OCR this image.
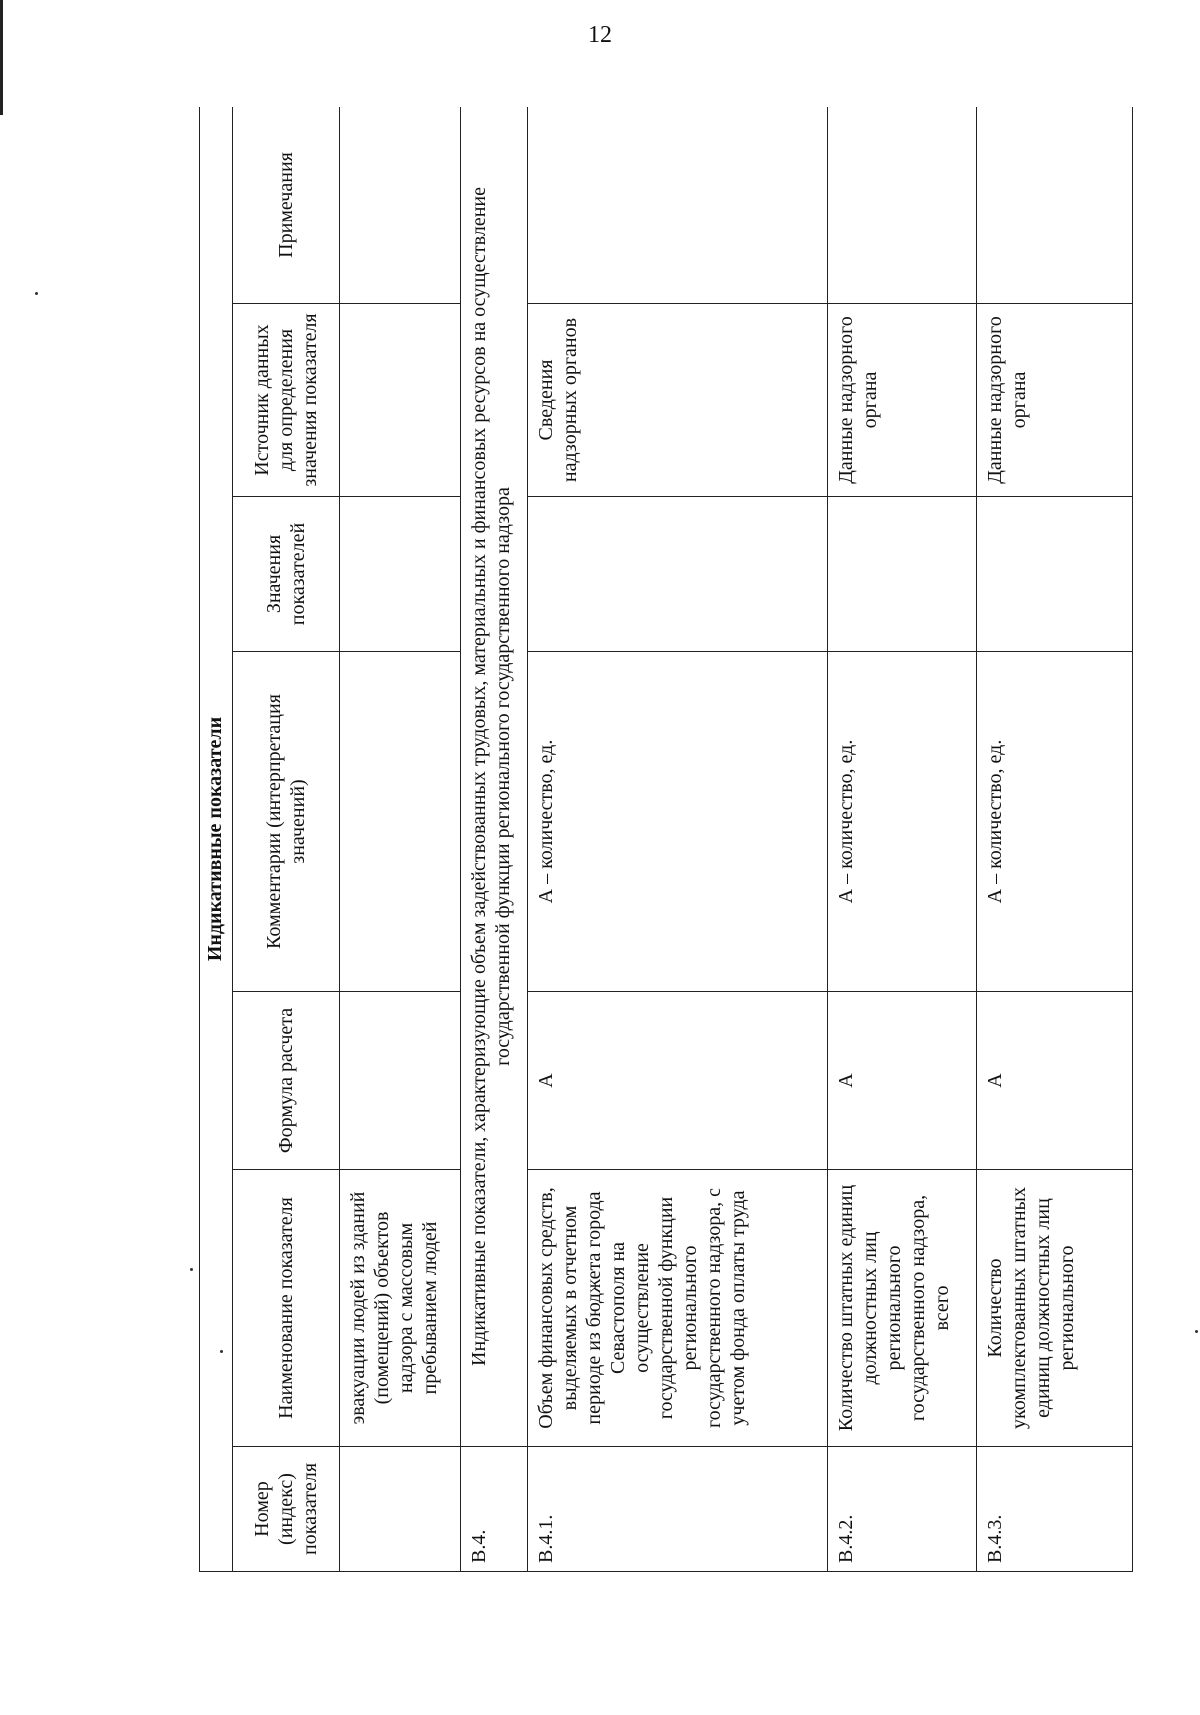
12
Индикативные показатели						
Номер (индекс) показателя	Наименование показателя	Формула расчета	Комментарии (интерпретация значений)	Значения показателей	Источник данных для определения значения показателя	Примечания
	эвакуации людей из зданий (помещений) объектов надзора с массовым пребыванием людей					
В.4.	Индикативные показатели, характеризующие объем задействованных трудовых, материальных и финансовых ресурсов на осуществление государственной функции регионального государственного надзора					
В.4.1.	Объем финансовых средств, выделяемых в отчетном периоде из бюджета города Севастополя на осуществление государственной функции регионального государственного надзора, с учетом фонда оплаты труда	А	А – количество, ед.		Сведения надзорных органов	
В.4.2.	Количество штатных единиц должностных лиц регионального государственного надзора, всего	А	А – количество, ед.		Данные надзорного органа	
В.4.3.	Количество укомплектованных штатных единиц должностных лиц регионального	А	А – количество, ед.		Данные надзорного органа	
